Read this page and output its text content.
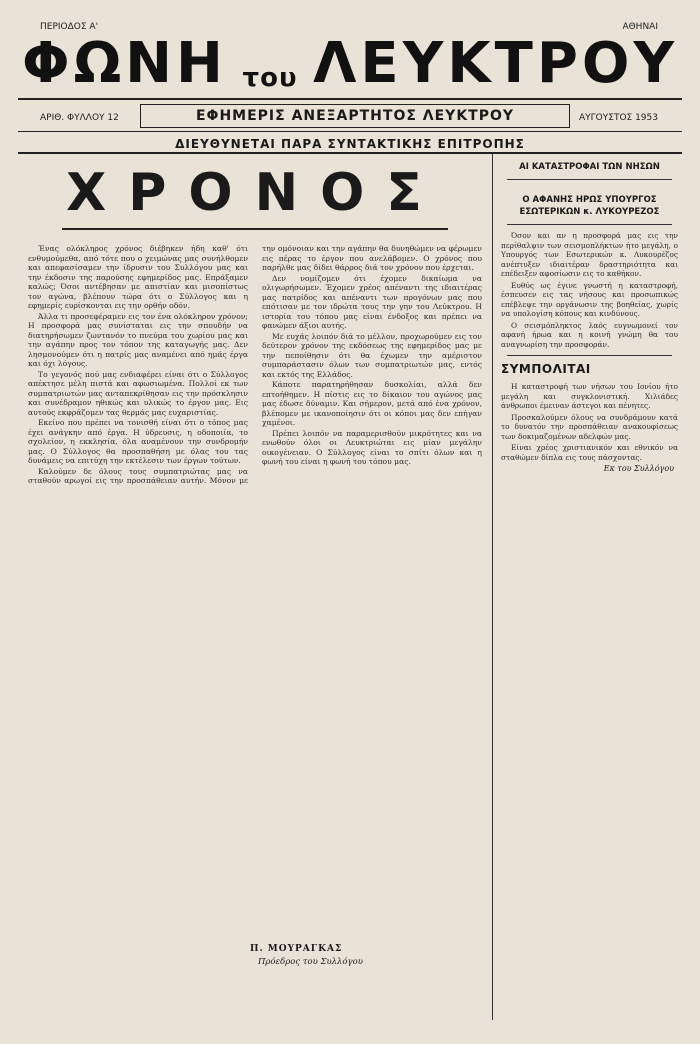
ΠΕΡΙΟΔΟΣ Α'	ΑΘΗΝΑΙ
ΦΩΝΗ του ΛΕΥΚΤΡΟΥ
ΑΡΙΘ. ΦΥΛΛΟΥ 12	ΕΦΗΜΕΡΙΣ ΑΝΕΞΑΡΤΗΤΟΣ ΛΕΥΚΤΡΟΥ	ΑΥΓΟΥΣΤΟΣ 1953
ΔΙΕΥΘΥΝΕΤΑΙ ΠΑΡΑ ΣΥΝΤΑΚΤΙΚΗΣ ΕΠΙΤΡΟΠΗΣ
ΧΡΟΝΟΣ

Ένας ολόκληρος χρόνος διέβηκεν ήδη καθ' ότι ενθυμούμεθα, από τότε που ο χειμώνας μας συνήλθομεν και απεφασίσαμεν την ίδρυσιν του Συλλόγου μας και την έκδοσιν της παρούσης εφημερίδος μας. Επράξαμεν καλώς; Όσοι αντέβησαν με απιστίαν και μισοπίστως τον αγώνα, βλέπουν τώρα ότι ο Σύλλογος και η εφημερίς ευρίσκονται εις την ορθήν οδόν.

Άλλα τι προσεφέραμεν εις τον ένα ολόκληρον χρόνον; Η προσφορά μας συνίσταται εις την σπουδήν να διατηρήσωμεν ζωντανόν το πνεύμα του χωρίου μας και την αγάπην προς τον τόπον της καταγωγής μας. Δεν λησμονούμεν ότι η πατρίς μας αναμένει από ημάς έργα και όχι λόγους.

Το γεγονός πού μας ενδιαφέρει είναι ότι ο Σύλλογος απέκτησε μέλη πιστά και αφωσιωμένα. Πολλοί εκ των συμπατριωτών μας ανταπεκρίθησαν εις την πρόσκλησιν και συνέδραμον ηθικώς και υλικώς το έργον μας. Εις αυτούς εκφράζομεν τας θερμάς μας ευχαριστίας.

Εκείνο που πρέπει να τονισθή είναι ότι ο τόπος μας έχει ανάγκην από έργα. Η ύδρευσις, η οδοποιία, το σχολείον, η εκκλησία, όλα αναμένουν την συνδρομήν μας. Ο Σύλλογος θα προσπαθήση με όλας του τας δυνάμεις να επιτύχη την εκτέλεσιν των έργων τούτων.

Καλούμεν δε όλους τους συμπατριώτας μας να σταθούν αρωγοί εις την προσπάθειαν αυτήν. Μόνον με την ομόνοιαν και την αγάπην θα δυνηθώμεν να φέρωμεν εις πέρας το έργον που ανελάβομεν. Ο χρόνος που παρήλθε μας δίδει θάρρος διά τον χρόνον που έρχεται.

Δεν νομίζομεν ότι έχομεν δικαίωμα να ολιγωρήσωμεν. Έχομεν χρέος απέναντι της ιδιαιτέρας μας πατρίδος και απέναντι των προγόνων μας που επότισαν με τον ιδρώτα τους την γην του Λεύκτρου. Η ιστορία του τόπου μας είναι ένδοξος και πρέπει να φανώμεν άξιοι αυτής.

Με ευχάς λοιπόν διά το μέλλον, προχωρούμεν εις τον δεύτερον χρόνον της εκδόσεως της εφημερίδος μας με την πεποίθησιν ότι θα έχωμεν την αμέριστον συμπαράστασιν όλων των συμπατριωτών μας, εντός και εκτός της Ελλάδος.

Κάποτε παρατηρήθησαν δυσκολίαι, αλλά δεν επτοήθημεν. Η πίστις εις το δίκαιον του αγώνος μας μας έδωσε δύναμιν. Και σήμερον, μετά από ένα χρόνον, βλέπομεν με ικανοποίησιν ότι οι κόποι μας δεν επήγαν χαμένοι.

Πρέπει λοιπόν να παραμερισθούν μικρότητες και να ενωθούν όλοι οι Λευκτριώται εις μίαν μεγάλην οικογένειαν. Ο Σύλλογος είναι το σπίτι όλων και η φωνή του είναι η φωνή του τόπου μας.

Π. ΜΟΥΡΑΓΚΑΣ
Πρόεδρος του Συλλόγου
ΑΙ ΚΑΤΑΣΤΡΟΦΑΙ ΤΩΝ ΝΗΣΩΝ
Ο ΑΦΑΝΗΣ ΗΡΩΣ ΥΠΟΥΡΓΟΣ
ΕΣΩΤΕΡΙΚΩΝ κ. ΛΥΚΟΥΡΕΖΟΣ

Όσον και αν η προσφορά μας εις την περίθαλψιν των σεισμοπλήκτων ήτο μεγάλη, ο Υπουργός των Εσωτερικών κ. Λυκουρέζος ανέπτυξεν ιδιαιτέραν δραστηριότητα και επέδειξεν αφοσίωσιν εις το καθήκον.

Ευθύς ως έγινε γνωστή η καταστροφή, έσπευσεν εις τας νήσους και προσωπικώς επέβλεψε την οργάνωσιν της βοηθείας, χωρίς να υπολογίση κόπους και κινδύνους.

Ο σεισμόπληκτος λαός ευγνωμονεί τον αφανή ήρωα και η κοινή γνώμη θα του αναγνωρίση την προσφοράν.

ΣΥΜΠΟΛΙΤΑΙ

Η καταστροφή των νήσων του Ιονίου ήτο μεγάλη και συγκλονιστική. Χιλιάδες άνθρωποι έμειναν άστεγοι και πένητες.

Προσκαλούμεν όλους να συνδράμουν κατά το δυνατόν την προσπάθειαν ανακουφίσεως των δοκιμαζομένων αδελφών μας.

Είναι χρέος χριστιανικόν και εθνικόν να σταθώμεν δίπλα εις τους πάσχοντας.

Εκ του Συλλόγου
